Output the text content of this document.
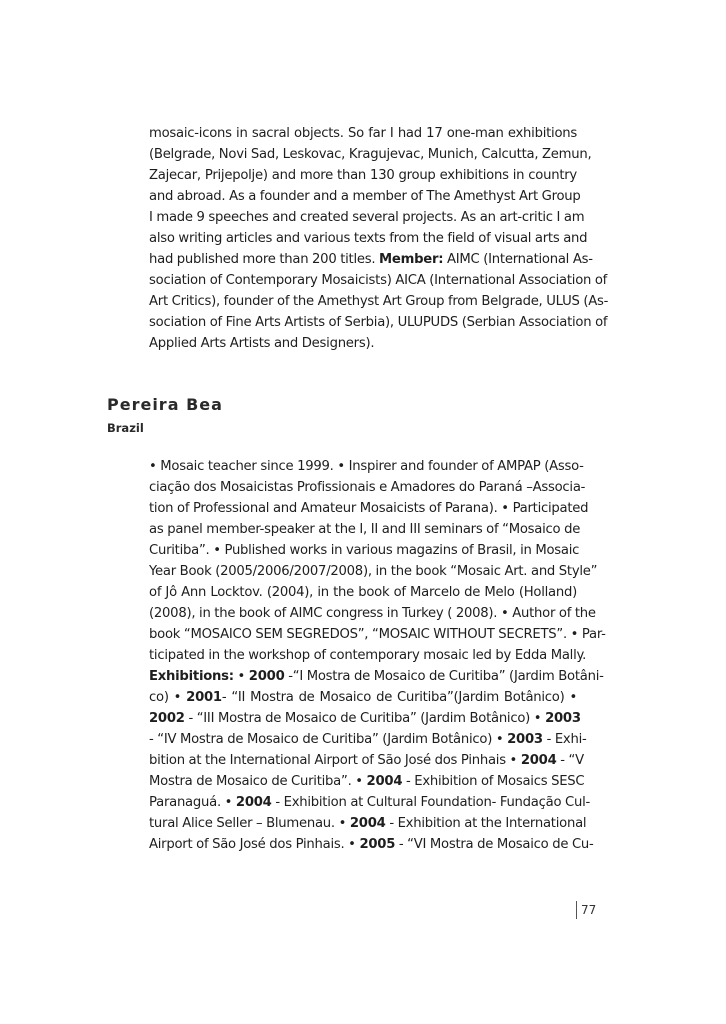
mosaic-icons in sacral objects. So far I had 17 one-man exhibitions
(Belgrade, Novi Sad, Leskovac, Kragujevac, Munich, Calcutta, Zemun,
Zajecar, Prijepolje) and more than 130 group exhibitions in country
and abroad. As a founder and a member of The Amethyst Art Group
I made 9 speeches and created several projects. As an art-critic I am
also writing articles and various texts from the field of visual arts and
had published more than 200 titles. Member: AIMC (International As-
sociation of Contemporary Mosaicists) AICA (International Association of
Art Critics), founder of the Amethyst Art Group from Belgrade, ULUS (As-
sociation of Fine Arts Artists of Serbia), ULUPUDS (Serbian Association of
Applied Arts Artists and Designers).
Pereira Bea
Brazil
• Mosaic teacher since 1999. • Inspirer and founder of AMPAP (Asso-
ciação dos Mosaicistas Profissionais e Amadores do Paraná –Associa-
tion of Professional and Amateur Mosaicists of Parana). • Participated
as panel member-speaker at the I, II and III seminars of “Mosaico de
Curitiba”. • Published works in various magazins of Brasil, in Mosaic
Year Book (2005/2006/2007/2008), in the book “Mosaic Art. and Style”
of Jô Ann Locktov. (2004), in the book of Marcelo de Melo (Holland)
(2008), in the book of AIMC congress in Turkey ( 2008). • Author of the
book “MOSAICO SEM SEGREDOS”, “MOSAIC WITHOUT SECRETS”. • Par-
ticipated in the workshop of contemporary mosaic led by Edda Mally.
Exhibitions: • 2000 -“I Mostra de Mosaico de Curitiba” (Jardim Botâni-
co) • 2001- “II Mostra de Mosaico de Curitiba”(Jardim Botânico) •
2002 - “III Mostra de Mosaico de Curitiba” (Jardim Botânico) • 2003
- “IV Mostra de Mosaico de Curitiba” (Jardim Botânico) • 2003 - Exhi-
bition at the International Airport of São José dos Pinhais • 2004 - “V
Mostra de Mosaico de Curitiba”. • 2004 - Exhibition of Mosaics SESC
Paranaguá. • 2004 - Exhibition at Cultural Foundation- Fundação Cul-
tural Alice Seller – Blumenau. • 2004 - Exhibition at the International
Airport of São José dos Pinhais. • 2005 - “VI Mostra de Mosaico de Cu-
77
